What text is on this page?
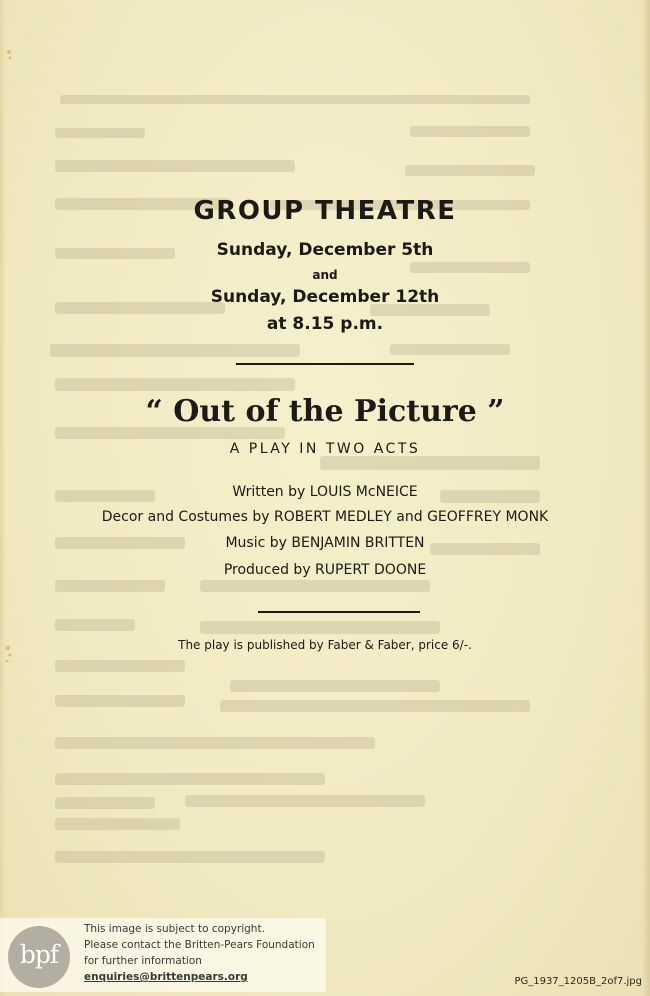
GROUP THEATRE
Sunday, December 5th
and
Sunday, December 12th
at 8.15 p.m.
“ Out of the Picture ”
A PLAY IN TWO ACTS
Written by LOUIS McNEICE
Decor and Costumes by ROBERT MEDLEY and GEOFFREY MONK
Music by BENJAMIN BRITTEN
Produced by RUPERT DOONE
The play is published by Faber & Faber, price 6/-.
bpf
This image is subject to copyright.
Please contact the Britten-Pears Foundation
for further information
enquiries@brittenpears.org	PG_1937_1205B_2of7.jpg
